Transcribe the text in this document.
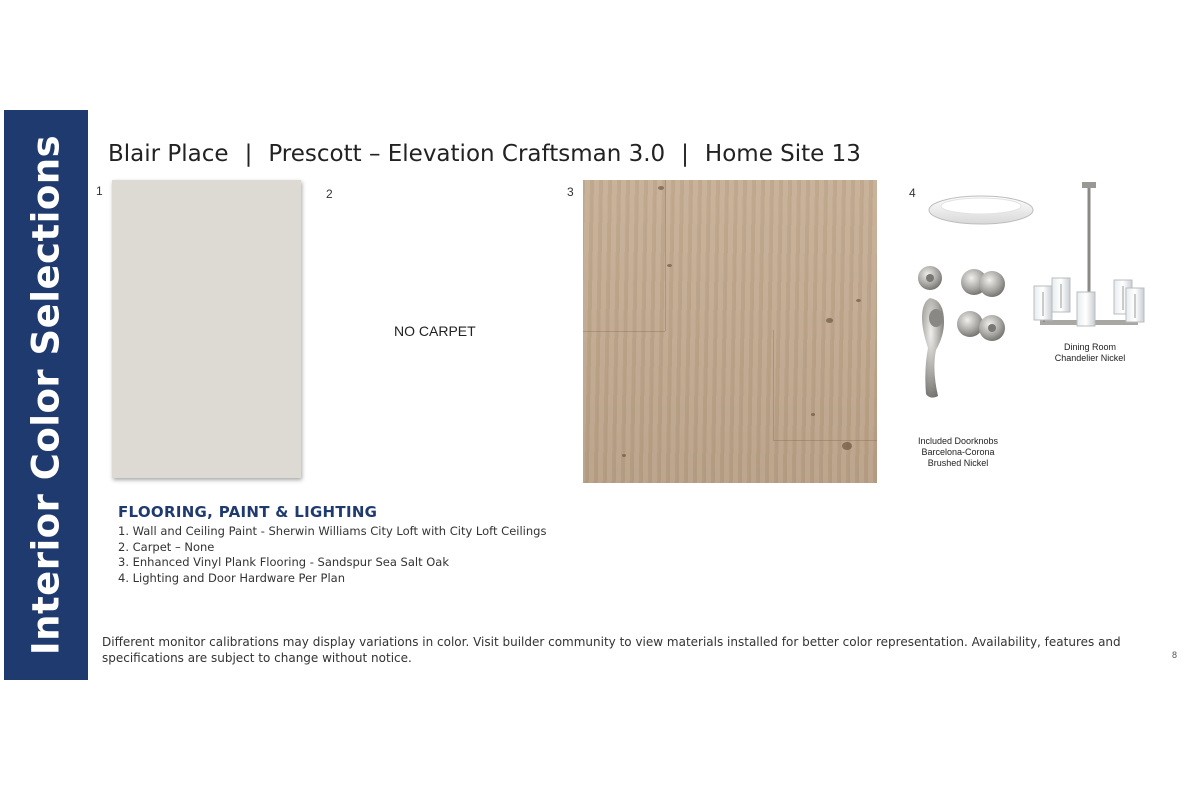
Interior Color Selections Blair Place | Prescott – Elevation Craftsman 3.0 | Home Site 13
1	2
NO CARPET
3	4
Dining Room
Chandelier Nickel
Included Doorknobs
Barcelona-Corona
Brushed Nickel
FLOORING, PAINT & LIGHTING
1. Wall and Ceiling Paint - Sherwin Williams City Loft with City Loft Ceilings
2. Carpet – None
3. Enhanced Vinyl Plank Flooring - Sandspur Sea Salt Oak
4. Lighting and Door Hardware Per Plan
Different monitor calibrations may display variations in color. Visit builder community to view materials installed for better color representation. Availability, features and specifications are subject to change without notice.	8
